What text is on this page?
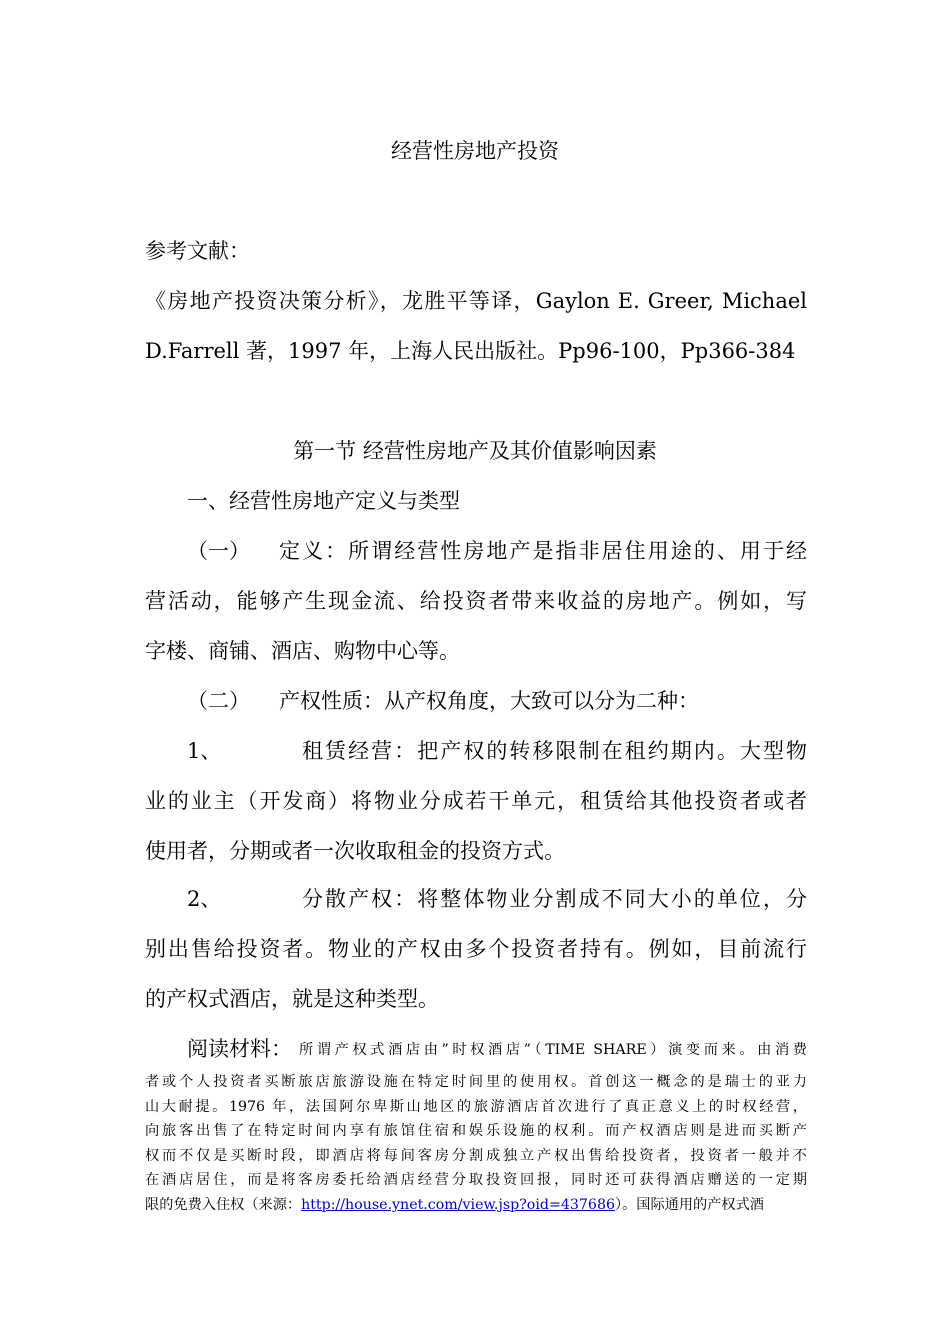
经营性房地产投资
参考文献：
《房地产投资决策分析》，龙胜平等译，Gaylon E. Greer, Michael
D.Farrell 著，1997 年，上海人民出版社。Pp96-100，Pp366-384
第一节 经营性房地产及其价值影响因素
一、经营性房地产定义与类型
（一） 定义：所谓经营性房地产是指非居住用途的、用于经
营活动，能够产生现金流、给投资者带来收益的房地产。例如，写
字楼、商铺、酒店、购物中心等。
（二） 产权性质：从产权角度，大致可以分为二种：
1、	租赁经营：把产权的转移限制在租约期内。大型物
业的业主（开发商）将物业分成若干单元，租赁给其他投资者或者
使用者，分期或者一次收取租金的投资方式。
2、	分散产权：将整体物业分割成不同大小的单位，分
别出售给投资者。物业的产权由多个投资者持有。例如，目前流行
的产权式酒店，就是这种类型。
阅读材料： 所谓产权式酒店由”时权酒店”（TIME SHARE）演变而来。由消费
者或个人投资者买断旅店旅游设施在特定时间里的使用权。首创这一概念的是瑞士的亚力
山大耐提。1976 年，法国阿尔卑斯山地区的旅游酒店首次进行了真正意义上的时权经营，
向旅客出售了在特定时间内享有旅馆住宿和娱乐设施的权利。而产权酒店则是进而买断产
权而不仅是买断时段，即酒店将每间客房分割成独立产权出售给投资者，投资者一般并不
在酒店居住，而是将客房委托给酒店经营分取投资回报，同时还可获得酒店赠送的一定期
限的免费入住权（来源：http://house.ynet.com/view.jsp?oid=437686）。国际通用的产权式酒
